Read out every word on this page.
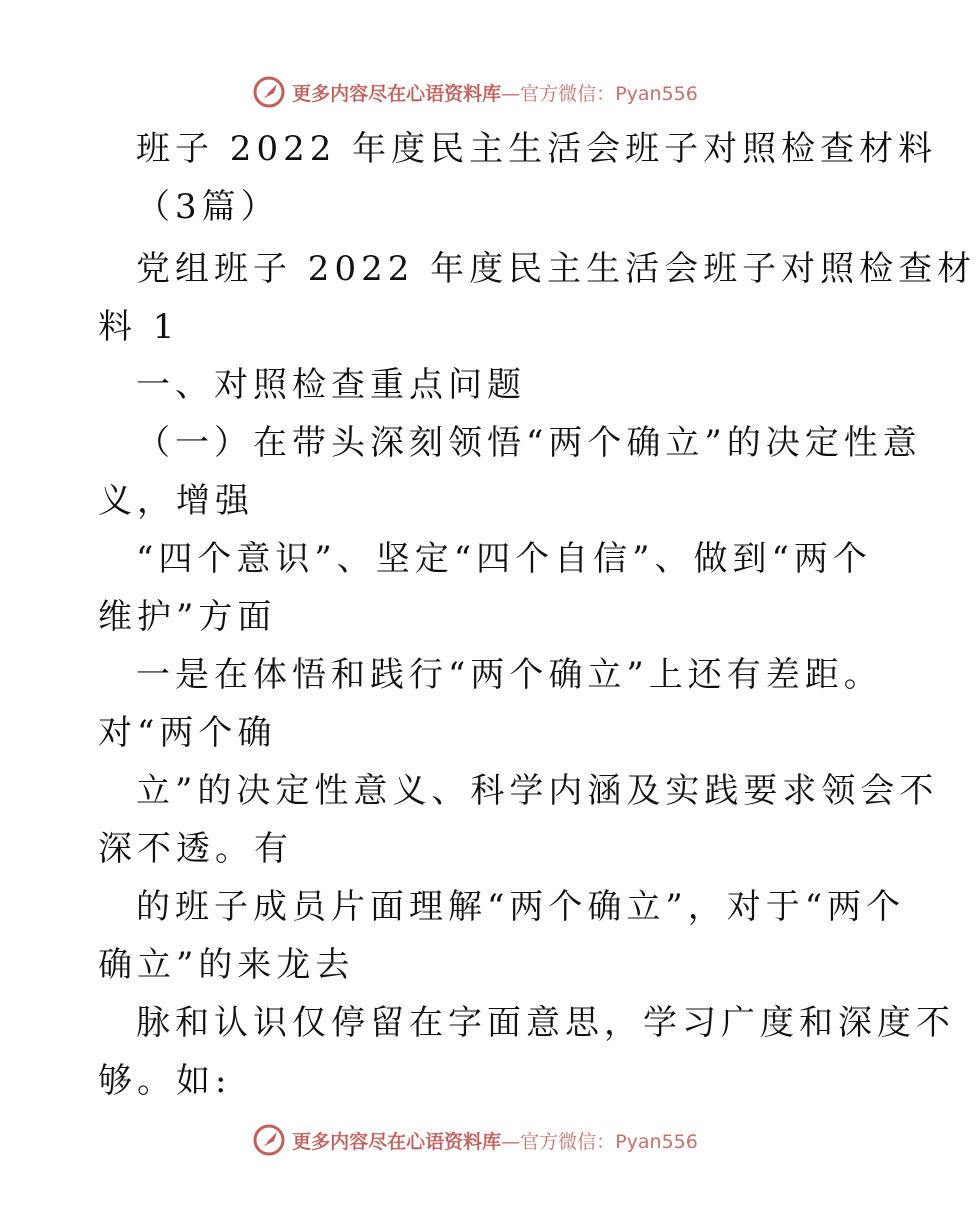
更多内容尽在心语资料库—官方微信：Pyan556
班子 2022 年度民主生活会班子对照检查材料
（3篇）
党组班子 2022 年度民主生活会班子对照检查材
料 1
一、对照检查重点问题
（一）在带头深刻领悟“两个确立”的决定性意
义，增强
“四个意识”、坚定“四个自信”、做到“两个
维护”方面
一是在体悟和践行“两个确立”上还有差距。
对“两个确
立”的决定性意义、科学内涵及实践要求领会不
深不透。有
的班子成员片面理解“两个确立”，对于“两个
确立”的来龙去
脉和认识仅停留在字面意思，学习广度和深度不
够。如:
更多内容尽在心语资料库—官方微信：Pyan556
